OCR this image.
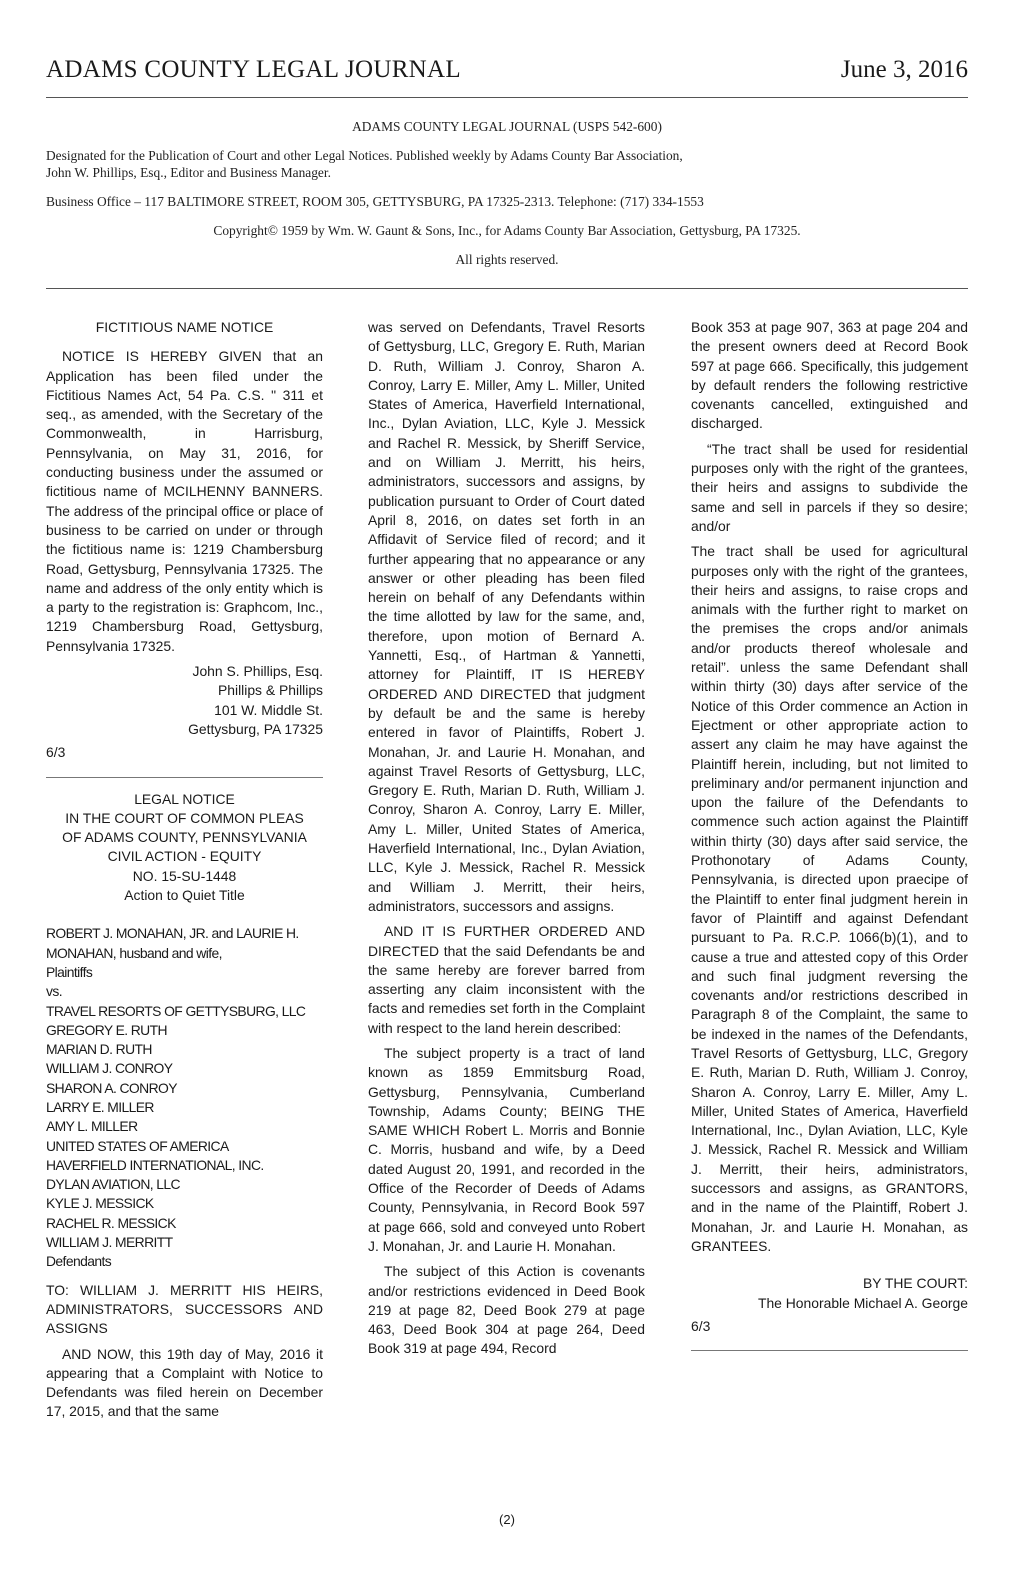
ADAMS COUNTY LEGAL JOURNAL	June 3, 2016

ADAMS COUNTY LEGAL JOURNAL (USPS 542-600)

Designated for the Publication of Court and other Legal Notices. Published weekly by Adams County Bar Association,

John W. Phillips, Esq., Editor and Business Manager.

Business Office – 117 BALTIMORE STREET, ROOM 305, GETTYSBURG, PA 17325-2313. Telephone: (717) 334-1553

Copyright© 1959 by Wm. W. Gaunt & Sons, Inc., for Adams County Bar Association, Gettysburg, PA 17325.

All rights reserved.

FICTITIOUS NAME NOTICE

NOTICE IS HEREBY GIVEN that an Application has been filed under the Fictitious Names Act, 54 Pa. C.S. " 311 et seq., as amended, with the Secretary of the Commonwealth, in Harrisburg, Pennsylvania, on May 31, 2016, for conducting business under the assumed or fictitious name of MCILHENNY BANNERS. The address of the principal office or place of business to be carried on under or through the fictitious name is: 1219 Chambersburg Road, Gettysburg, Pennsylvania 17325. The name and address of the only entity which is a party to the registration is: Graphcom, Inc., 1219 Chambersburg Road, Gettysburg, Pennsylvania 17325.

John S. Phillips, Esq.

Phillips & Phillips

101 W. Middle St.

Gettysburg, PA 17325

6/3

LEGAL NOTICE

IN THE COURT OF COMMON PLEAS

OF ADAMS COUNTY, PENNSYLVANIA

CIVIL ACTION - EQUITY

NO. 15-SU-1448

Action to Quiet Title

ROBERT J. MONAHAN, JR. and LAURIE H. MONAHAN, husband and wife,

Plaintiffs

vs.

TRAVEL RESORTS OF GETTYSBURG, LLC

GREGORY E. RUTH

MARIAN D. RUTH

WILLIAM J. CONROY

SHARON A. CONROY

LARRY E. MILLER

AMY L. MILLER

UNITED STATES OF AMERICA

HAVERFIELD INTERNATIONAL, INC.

DYLAN AVIATION, LLC

KYLE J. MESSICK

RACHEL R. MESSICK

WILLIAM J. MERRITT

Defendants

TO: WILLIAM J. MERRITT HIS HEIRS, ADMINISTRATORS, SUCCESSORS AND ASSIGNS

AND NOW, this 19th day of May, 2016 it appearing that a Complaint with Notice to Defendants was filed herein on December 17, 2015, and that the same

was served on Defendants, Travel Resorts of Gettysburg, LLC, Gregory E. Ruth, Marian D. Ruth, William J. Conroy, Sharon A. Conroy, Larry E. Miller, Amy L. Miller, United States of America, Haverfield International, Inc., Dylan Aviation, LLC, Kyle J. Messick and Rachel R. Messick, by Sheriff Service, and on William J. Merritt, his heirs, administrators, successors and assigns, by publication pursuant to Order of Court dated April 8, 2016, on dates set forth in an Affidavit of Service filed of record; and it further appearing that no appearance or any answer or other pleading has been filed herein on behalf of any Defendants within the time allotted by law for the same, and, therefore, upon motion of Bernard A. Yannetti, Esq., of Hartman & Yannetti, attorney for Plaintiff, IT IS HEREBY ORDERED AND DIRECTED that judgment by default be and the same is hereby entered in favor of Plaintiffs, Robert J. Monahan, Jr. and Laurie H. Monahan, and against Travel Resorts of Gettysburg, LLC, Gregory E. Ruth, Marian D. Ruth, William J. Conroy, Sharon A. Conroy, Larry E. Miller, Amy L. Miller, United States of America, Haverfield International, Inc., Dylan Aviation, LLC, Kyle J. Messick, Rachel R. Messick and William J. Merritt, their heirs, administrators, successors and assigns.

AND IT IS FURTHER ORDERED AND DIRECTED that the said Defendants be and the same hereby are forever barred from asserting any claim inconsistent with the facts and remedies set forth in the Complaint with respect to the land herein described:

The subject property is a tract of land known as 1859 Emmitsburg Road, Gettysburg, Pennsylvania, Cumberland Township, Adams County; BEING THE SAME WHICH Robert L. Morris and Bonnie C. Morris, husband and wife, by a Deed dated August 20, 1991, and recorded in the Office of the Recorder of Deeds of Adams County, Pennsylvania, in Record Book 597 at page 666, sold and conveyed unto Robert J. Monahan, Jr. and Laurie H. Monahan.

The subject of this Action is covenants and/or restrictions evidenced in Deed Book 219 at page 82, Deed Book 279 at page 463, Deed Book 304 at page 264, Deed Book 319 at page 494, Record

Book 353 at page 907, 363 at page 204 and the present owners deed at Record Book 597 at page 666. Specifically, this judgement by default renders the following restrictive covenants cancelled, extinguished and discharged.

“The tract shall be used for residential purposes only with the right of the grantees, their heirs and assigns to subdivide the same and sell in parcels if they so desire; and/or

The tract shall be used for agricultural purposes only with the right of the grantees, their heirs and assigns, to raise crops and animals with the further right to market on the premises the crops and/or animals and/or products thereof wholesale and retail”. unless the same Defendant shall within thirty (30) days after service of the Notice of this Order commence an Action in Ejectment or other appropriate action to assert any claim he may have against the Plaintiff herein, including, but not limited to preliminary and/or permanent injunction and upon the failure of the Defendants to commence such action against the Plaintiff within thirty (30) days after said service, the Prothonotary of Adams County, Pennsylvania, is directed upon praecipe of the Plaintiff to enter final judgment herein in favor of Plaintiff and against Defendant pursuant to Pa. R.C.P. 1066(b)(1), and to cause a true and attested copy of this Order and such final judgment reversing the covenants and/or restrictions described in Paragraph 8 of the Complaint, the same to be indexed in the names of the Defendants, Travel Resorts of Gettysburg, LLC, Gregory E. Ruth, Marian D. Ruth, William J. Conroy, Sharon A. Conroy, Larry E. Miller, Amy L. Miller, United States of America, Haverfield International, Inc., Dylan Aviation, LLC, Kyle J. Messick, Rachel R. Messick and William J. Merritt, their heirs, administrators, successors and assigns, as GRANTORS, and in the name of the Plaintiff, Robert J. Monahan, Jr. and Laurie H. Monahan, as GRANTEES.

BY THE COURT:

The Honorable Michael A. George

6/3

(2)
